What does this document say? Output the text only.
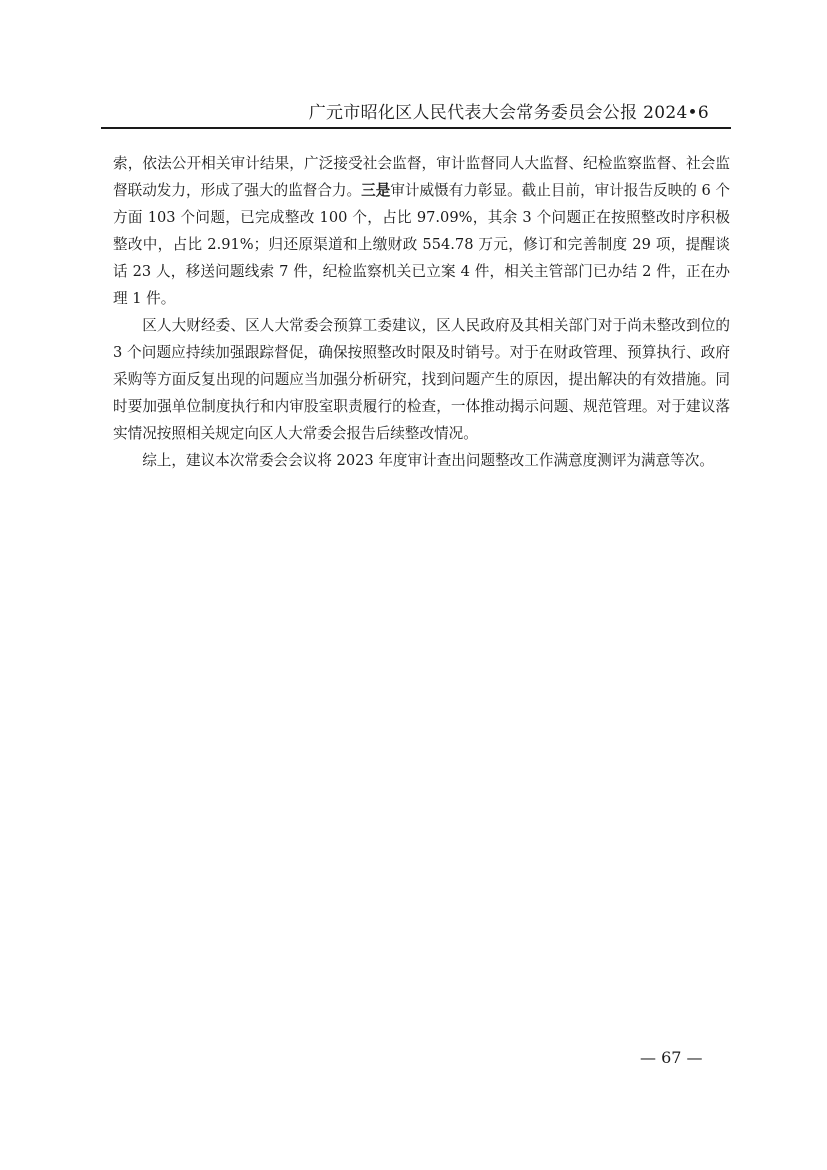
广元市昭化区人民代表大会常务委员会公报 2024•6

索，依法公开相关审计结果，广泛接受社会监督，审计监督同人大监督、纪检监察监督、社会监督联动发力，形成了强大的监督合力。三是审计威慑有力彰显。截止目前，审计报告反映的 6 个方面 103 个问题，已完成整改 100 个，占比 97.09%，其余 3 个问题正在按照整改时序积极整改中，占比 2.91%；归还原渠道和上缴财政 554.78 万元，修订和完善制度 29 项，提醒谈话 23 人，移送问题线索 7 件，纪检监察机关已立案 4 件，相关主管部门已办结 2 件，正在办理 1 件。

区人大财经委、区人大常委会预算工委建议，区人民政府及其相关部门对于尚未整改到位的 3 个问题应持续加强跟踪督促，确保按照整改时限及时销号。对于在财政管理、预算执行、政府采购等方面反复出现的问题应当加强分析研究，找到问题产生的原因，提出解决的有效措施。同时要加强单位制度执行和内审股室职责履行的检查，一体推动揭示问题、规范管理。对于建议落实情况按照相关规定向区人大常委会报告后续整改情况。

综上，建议本次常委会会议将 2023 年度审计查出问题整改工作满意度测评为满意等次。

— 67 —
